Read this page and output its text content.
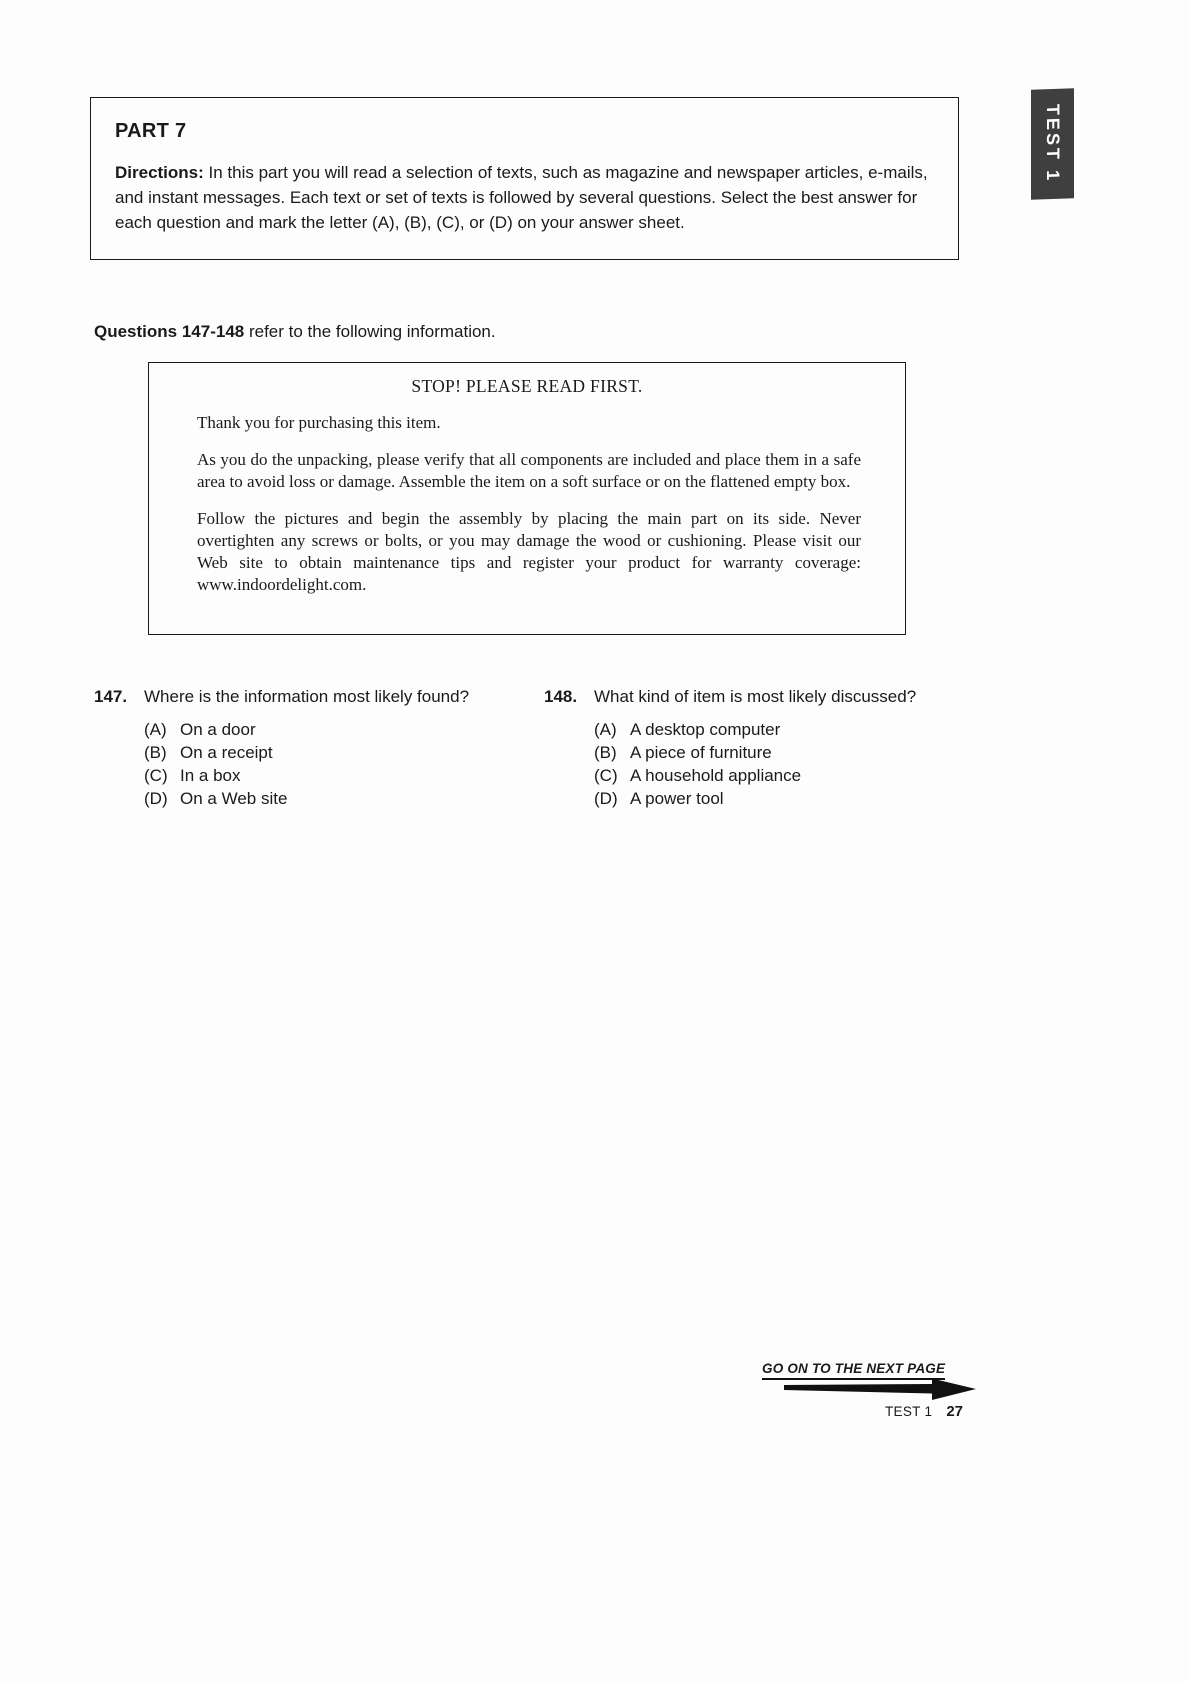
TEST 1
PART 7

Directions: In this part you will read a selection of texts, such as magazine and newspaper articles, e-mails, and instant messages. Each text or set of texts is followed by several questions. Select the best answer for each question and mark the letter (A), (B), (C), or (D) on your answer sheet.

Questions 147-148 refer to the following information.

STOP! PLEASE READ FIRST.

Thank you for purchasing this item.

As you do the unpacking, please verify that all components are included and place them in a safe area to avoid loss or damage. Assemble the item on a soft surface or on the flattened empty box.

Follow the pictures and begin the assembly by placing the main part on its side. Never overtighten any screws or bolts, or you may damage the wood or cushioning. Please visit our Web site to obtain maintenance tips and register your product for warranty coverage: www.indoordelight.com.

147. Where is the information most likely found?
(A) On a door
(B) On a receipt
(C) In a box
(D) On a Web site
148. What kind of item is most likely discussed?
(A) A desktop computer
(B) A piece of furniture
(C) A household appliance
(D) A power tool
GO ON TO THE NEXT PAGE
TEST 1 27
